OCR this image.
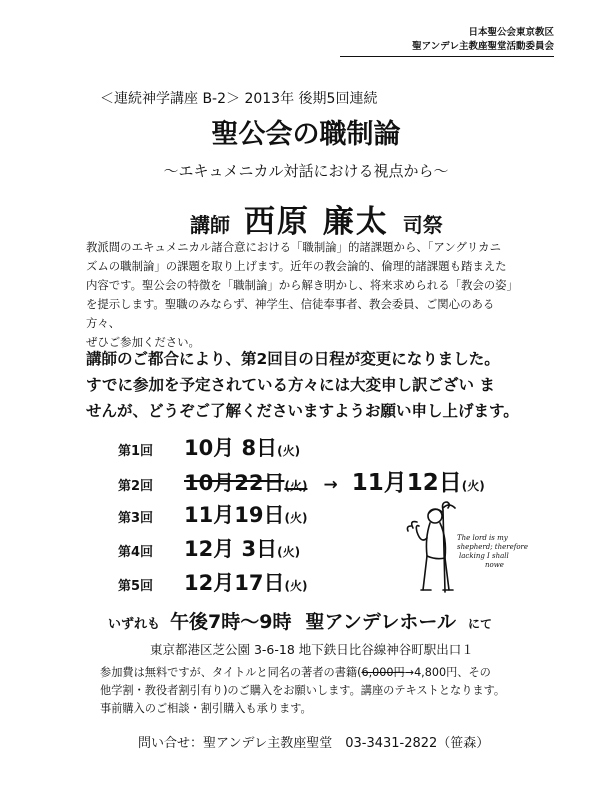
日本聖公会東京教区
聖アンデレ主教座聖堂活動委員会
＜連続神学講座 B-2＞ 2013年 後期5回連続
聖公会の職制論
～エキュメニカル対話における視点から～
講師 西原 廉太 司祭

教派間のエキュメニカル諸合意における「職制論」的諸課題から、「アングリカニ

ズムの職制論」の課題を取り上げます。近年の教会論的、倫理的諸課題も踏まえた

内容です。聖公会の特徴を「職制論」から解き明かし、将来求められる「教会の姿」

を提示します。聖職のみならず、神学生、信徒奉事者、教会委員、ご関心のある方々、

ぜひご参加ください。

講師のご都合により、第2回目の日程が変更になりました。

すでに参加を予定されている方々には大変申し訳ござい ま

せんが、どうぞご了解くださいますようお願い申し上げます。

第1回 10月 8日(火)
第2回 10月22日(火) → 11月12日(火)
第3回 11月19日(火)
第4回 12月 3日(火)
第5回 12月17日(火)
The lord is my
shepherd; therefore
lacking I shall
nowe
いずれも 午後7時～9時 聖アンデレホール にて
東京都港区芝公園 3-6-18 地下鉄日比谷線神谷町駅出口１

参加費は無料ですが、タイトルと同名の著者の書籍(6,000円→4,800円、その

他学割・教役者割引有り)のご購入をお願いします。講座のテキストとなります。

事前購入のご相談・割引購入も承ります。

問い合せ：聖アンデレ主教座聖堂　03-3431-2822（笹森）
